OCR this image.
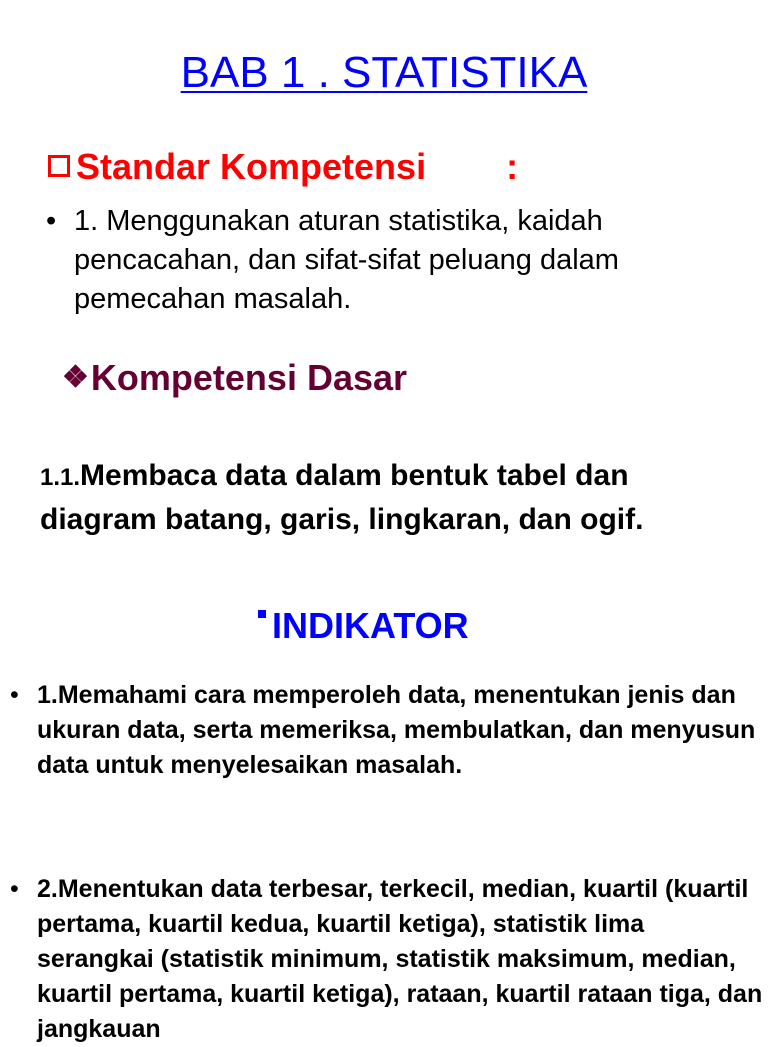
BAB 1 . STATISTIKA
Standar Kompetensi :
• 1. Menggunakan aturan statistika, kaidah pencacahan, dan sifat-sifat peluang dalam pemecahan masalah.
❖Kompetensi Dasar
1.1.Membaca data dalam bentuk tabel dan diagram batang, garis, lingkaran, dan ogif.
INDIKATOR
• 1.Memahami cara memperoleh data, menentukan jenis dan ukuran data, serta memeriksa, membulatkan, dan menyusun data untuk menyelesaikan masalah.
• 2.Menentukan data terbesar, terkecil, median, kuartil (kuartil pertama, kuartil kedua, kuartil ketiga), statistik lima serangkai (statistik minimum, statistik maksimum, median, kuartil pertama, kuartil ketiga), rataan, kuartil rataan tiga, dan jangkauan
